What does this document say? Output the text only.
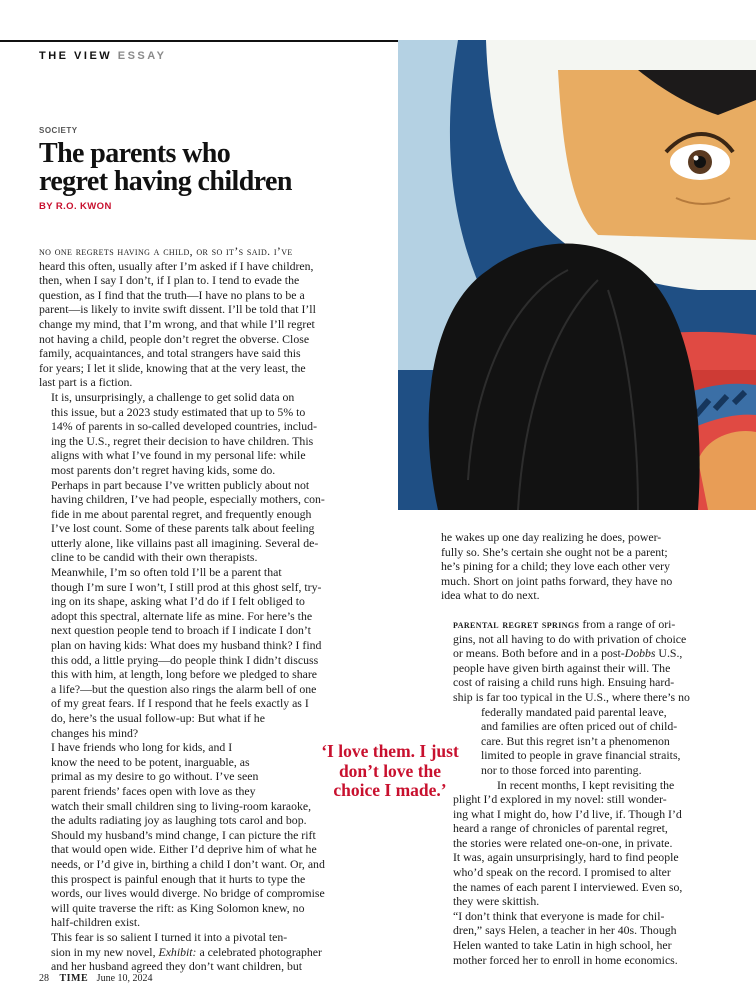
THE VIEW ESSAY
SOCIETY
The parents who
regret having children
BY R.O. KWON

no one regrets having a child, or so it’s said. i’ve
heard this often, usually after I’m asked if I have children,
then, when I say I don’t, if I plan to. I tend to evade the
question, as I find that the truth—I have no plans to be a
parent—is likely to invite swift dissent. I’ll be told that I’ll
change my mind, that I’m wrong, and that while I’ll regret
not having a child, people don’t regret the obverse. Close
family, acquaintances, and total strangers have said this
for years; I let it slide, knowing that at the very least, the
last part is a fiction.

It is, unsurprisingly, a challenge to get solid data on
this issue, but a 2023 study estimated that up to 5% to
14% of parents in so-called developed countries, includ-
ing the U.S., regret their decision to have children. This
aligns with what I’ve found in my personal life: while
most parents don’t regret having kids, some do.

Perhaps in part because I’ve written publicly about not
having children, I’ve had people, especially mothers, con-
fide in me about parental regret, and frequently enough
I’ve lost count. Some of these parents talk about feeling
utterly alone, like villains past all imagining. Several de-
cline to be candid with their own therapists.

Meanwhile, I’m so often told I’ll be a parent that
though I’m sure I won’t, I still prod at this ghost self, try-
ing on its shape, asking what I’d do if I felt obliged to
adopt this spectral, alternate life as mine. For here’s the
next question people tend to broach if I indicate I don’t
plan on having kids: What does my husband think? I find
this odd, a little prying—do people think I didn’t discuss
this with him, at length, long before we pledged to share
a life?—but the question also rings the alarm bell of one
of my great fears. If I respond that he feels exactly as I
do, here’s the usual follow-up: But what if he
changes his mind?

I have friends who long for kids, and I
know the need to be potent, inarguable, as
primal as my desire to go without. I’ve seen
parent friends’ faces open with love as they
watch their small children sing to living-room karaoke,
the adults radiating joy as laughing tots carol and bop.
Should my husband’s mind change, I can picture the rift
that would open wide. Either I’d deprive him of what he
needs, or I’d give in, birthing a child I don’t want. Or, and
this prospect is painful enough that it hurts to type the
words, our lives would diverge. No bridge of compromise
will quite traverse the rift: as King Solomon knew, no
half-children exist.

This fear is so salient I turned it into a pivotal ten-
sion in my new novel, Exhibit: a celebrated photographer
and her husband agreed they don’t want children, but

he wakes up one day realizing he does, power-
fully so. She’s certain she ought not be a parent;
he’s pining for a child; they love each other very
much. Short on joint paths forward, they have no
idea what to do next.

parental regret springs from a range of ori-
gins, not all having to do with privation of choice
or means. Both before and in a post-Dobbs U.S.,
people have given birth against their will. The
cost of raising a child runs high. Ensuing hard-
ship is far too typical in the U.S., where there’s no
federally mandated paid parental leave,
and families are often priced out of child-
care. But this regret isn’t a phenomenon
limited to people in grave financial straits,
nor to those forced into parenting.

In recent months, I kept revisiting the
plight I’d explored in my novel: still wonder-
ing what I might do, how I’d live, if. Though I’d
heard a range of chronicles of parental regret,
the stories were related one-on-one, in private.
It was, again unsurprisingly, hard to find people
who’d speak on the record. I promised to alter
the names of each parent I interviewed. Even so,
they were skittish.

“I don’t think that everyone is made for chil-
dren,” says Helen, a teacher in her 40s. Though
Helen wanted to take Latin in high school, her
mother forced her to enroll in home economics.

‘I love them. I just
don’t love the
choice I made.’
28 TIME June 10, 2024
